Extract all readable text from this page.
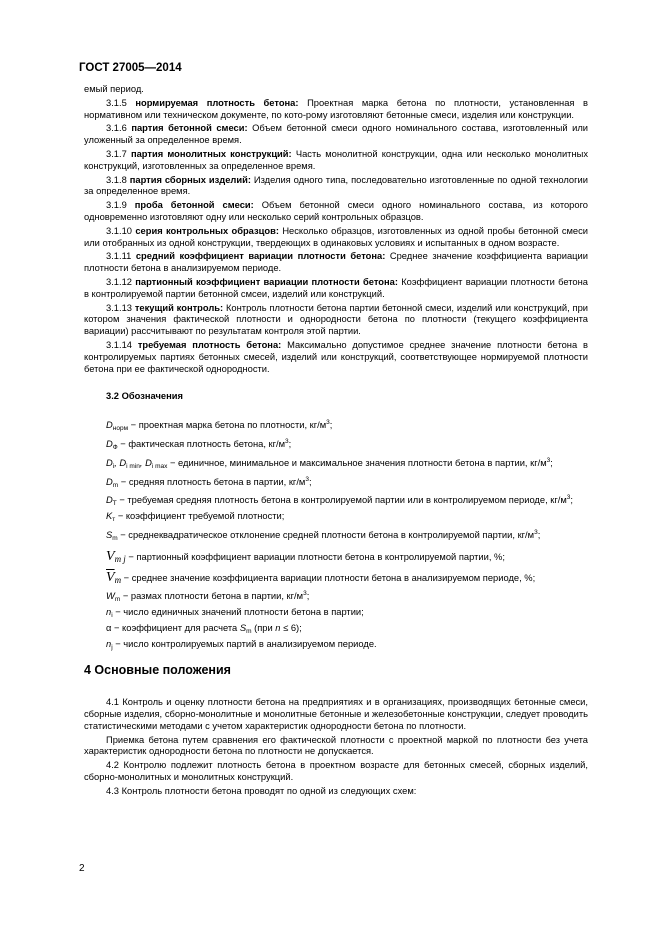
ГОСТ 27005—2014

емый период.

3.1.5 нормируемая плотность бетона: Проектная марка бетона по плотности, установленная в нормативном или техническом документе, по кото-рому изготовляют бетонные смеси, изделия или конструкции.

3.1.6 партия бетонной смеси: Объем бетонной смеси одного номинального состава, изготовленный или уложенный за определенное время.

3.1.7 партия монолитных конструкций: Часть монолитной конструкции, одна или несколько монолитных конструкций, изготовленных за определенное время.

3.1.8 партия сборных изделий: Изделия одного типа, последовательно изготовленные по одной технологии за определенное время.

3.1.9 проба бетонной смеси: Объем бетонной смеси одного номинального состава, из которого одновременно изготовляют одну или несколько серий контрольных образцов.

3.1.10 серия контрольных образцов: Несколько образцов, изготовленных из одной пробы бетонной смеси или отобранных из одной конструкции, твердеющих в одинаковых условиях и испытанных в одном возрасте.

3.1.11 средний коэффициент вариации плотности бетона: Среднее значение коэффициента вариации плотности бетона в анализируемом периоде.

3.1.12 партионный коэффициент вариации плотности бетона: Коэффициент вариации плотности бетона в контролируемой партии бетонной смсеи, изделий или конструкций.

3.1.13 текущий контроль: Контроль плотности бетона партии бетонной смеси, изделий или конструкций, при котором значения фактической плотности и однородности бетона по плотности (текущего коэффициента вариации) рассчитывают по результатам контроля этой партии.

3.1.14 требуемая плотность бетона: Максимально допустимое среднее значение плотности бетона в контролируемых партиях бетонных смесей, изделий или конструкций, соответствующее нормируемой плотности бетона при ее фактической однородности.

3.2 Обозначения

$D_{норм}$ − проектная марка бетона по плотности, $кг/м^3$;

$D_Ф$ − фактическая плотность бетона, $кг/м^3$;

$D_i$, $D_{i min}$, $D_{i max}$ − единичное, минимальное и максимальное значения плотности бетона в партии, $кг/м^3$;

$D_m$ − средняя плотность бетона в партии, $кг/м^3$;

$D_Т$ − требуемая средняя плотность бетона в контролируемой партии или в контролируемом периоде, $кг/м^3$;

$K_т$ − коэффициент требуемой плотности;

$S_m$ − среднеквадратическое отклонение средней плотности бетона в контролируемой партии, $кг/м^3$;

$V_{m j}$ − партионный коэффициент вариации плотности бетона в контролируемой партии, %;

$\overline{V}_m$ − среднее значение коэффициента вариации плотности бетона в анализируемом периоде, %;

$W_m$ − размах плотности бетона в партии, $кг/м^3$;

$n_i$ − число единичных значений плотности бетона в партии;

α − коэффициент для расчета $S_m$ (при n ≤ 6);

$n_j$ − число контролируемых партий в анализируемом периоде.

4 Основные положения

4.1 Контроль и оценку плотности бетона на предприятиях и в организациях, производящих бетонные смеси, сборные изделия, сборно-монолитные и монолитные бетонные и железобетонные конструкции, следует проводить статистическими методами с учетом характеристик однородности бетона по плотности.

Приемка бетона путем сравнения его фактической плотности с проектной маркой по плотности без учета характеристик однородности бетона по плотности не допускается.

4.2 Контролю подлежит плотность бетона в проектном возрасте для бетонных смесей, сборных изделий, сборно-монолитных и монолитных конструкций.

4.3 Контроль плотности бетона проводят по одной из следующих схем:

2
